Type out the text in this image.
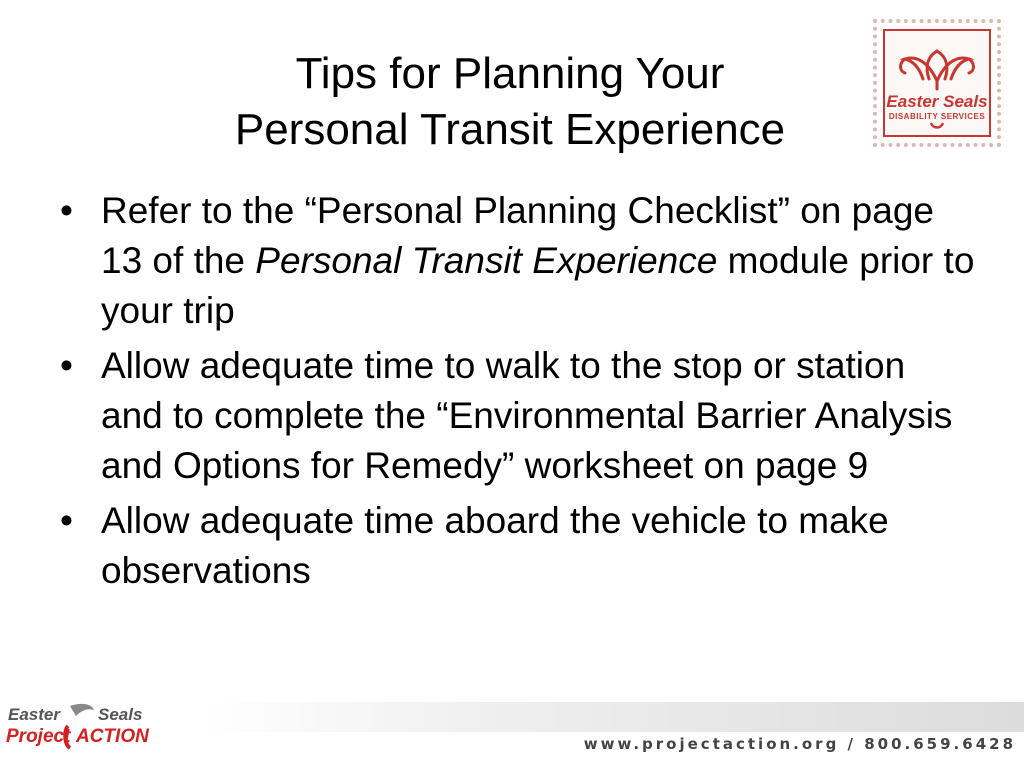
Tips for Planning Your
Personal Transit Experience
Easter Seals
DISABILITY SERVICES
• Refer to the “Personal Planning Checklist” on page 13 of the Personal Transit Experience module prior to your trip
• Allow adequate time to walk to the stop or station and to complete the “Environmental Barrier Analysis and Options for Remedy” worksheet on page 9
• Allow adequate time aboard the vehicle to make observations
Easter Seals
Project ACTION	www.projectaction.org / 800.659.6428
